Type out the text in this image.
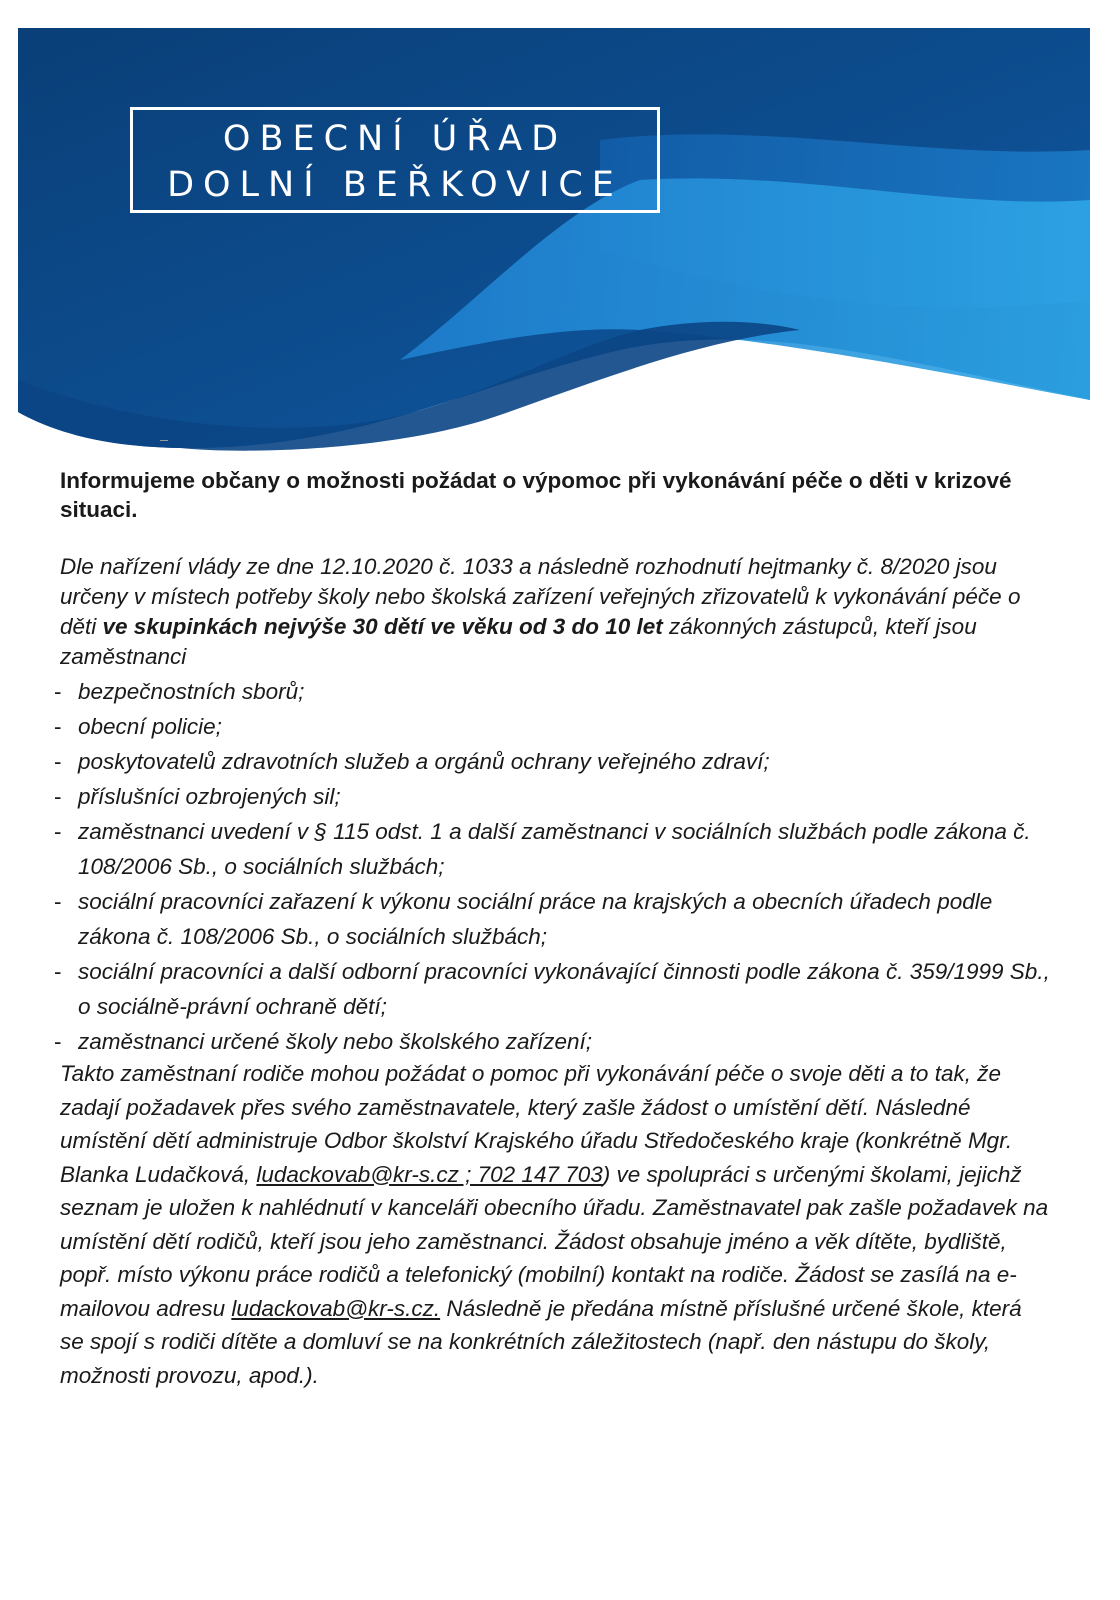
OBECNÍ ÚŘAD
DOLNÍ BEŘKOVICE
Informujeme občany o možnosti požádat o výpomoc při vykonávání péče o děti v krizové situaci.
Dle nařízení vlády ze dne 12.10.2020 č. 1033 a následně rozhodnutí hejtmanky č. 8/2020 jsou určeny v místech potřeby školy nebo školská zařízení veřejných zřizovatelů k vykonávání péče o děti ve skupinkách nejvýše 30 dětí ve věku od 3 do 10 let zákonných zástupců, kteří jsou zaměstnanci
- bezpečnostních sborů;
- obecní policie;
- poskytovatelů zdravotních služeb a orgánů ochrany veřejného zdraví;
- příslušníci ozbrojených sil;
- zaměstnanci uvedení v § 115 odst. 1 a další zaměstnanci v sociálních službách podle zákona č. 108/2006 Sb., o sociálních službách;
- sociální pracovníci zařazení k výkonu sociální práce na krajských a obecních úřadech podle zákona č. 108/2006 Sb., o sociálních službách;
- sociální pracovníci a další odborní pracovníci vykonávající činnosti podle zákona č. 359/1999 Sb., o sociálně-právní ochraně dětí;
- zaměstnanci určené školy nebo školského zařízení;
Takto zaměstnaní rodiče mohou požádat o pomoc při vykonávání péče o svoje děti a to tak, že zadají požadavek přes svého zaměstnavatele, který zašle žádost o umístění dětí. Následné umístění dětí administruje Odbor školství Krajského úřadu Středočeského kraje (konkrétně Mgr. Blanka Ludačková, ludackovab@kr-s.cz ; 702 147 703) ve spolupráci s určenými školami, jejichž seznam je uložen k nahlédnutí v kanceláři obecního úřadu. Zaměstnavatel pak zašle požadavek na umístění dětí rodičů, kteří jsou jeho zaměstnanci. Žádost obsahuje jméno a věk dítěte, bydliště, popř. místo výkonu práce rodičů a telefonický (mobilní) kontakt na rodiče. Žádost se zasílá na e-mailovou adresu ludackovab@kr-s.cz. Následně je předána místně příslušné určené škole, která se spojí s rodiči dítěte a domluví se na konkrétních záležitostech (např. den nástupu do školy, možnosti provozu, apod.).
